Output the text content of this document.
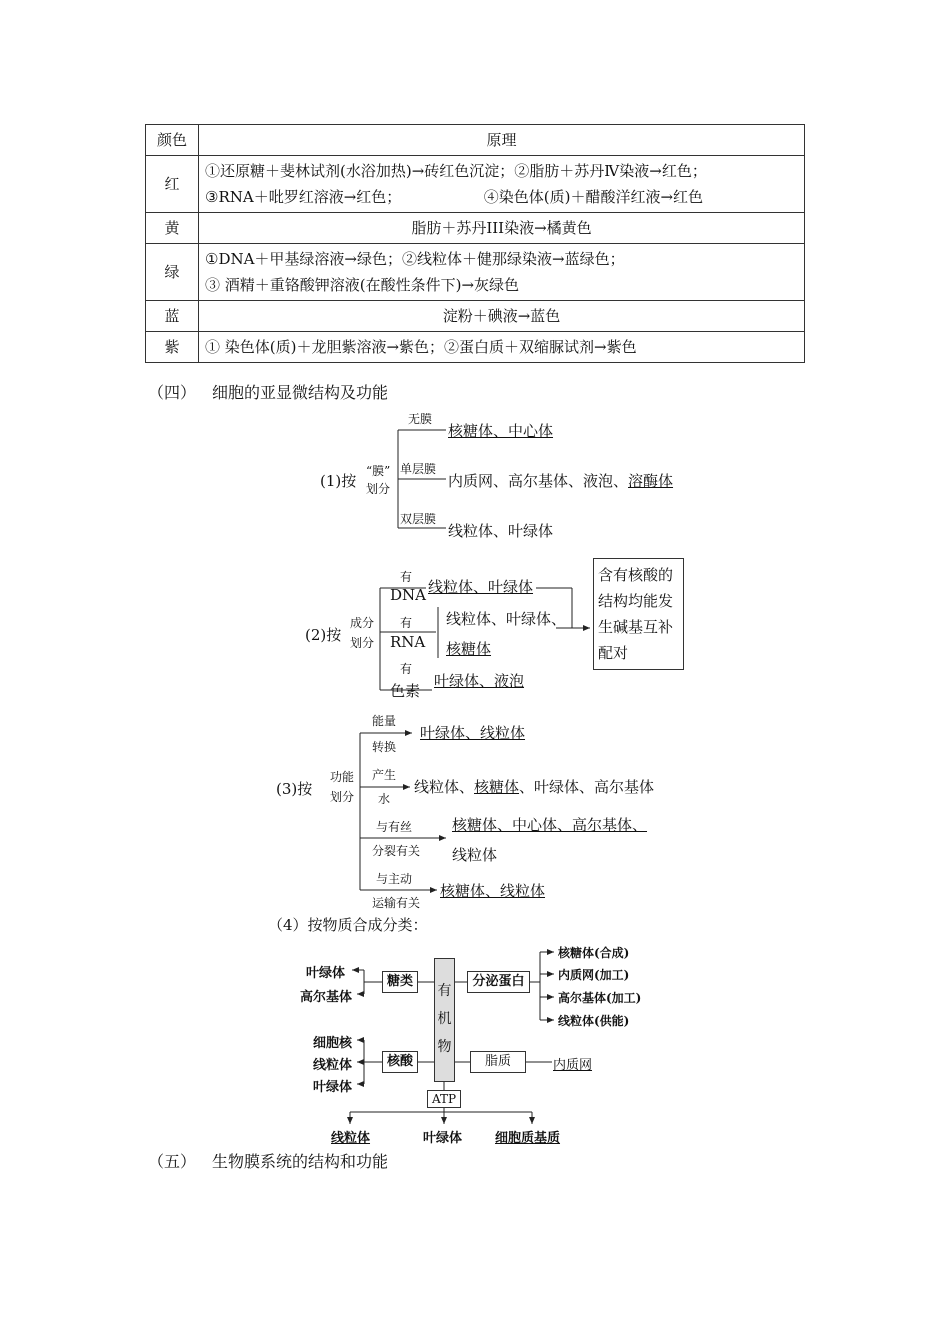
颜色	原理
红	①还原糖＋斐林试剂(水浴加热)→砖红色沉淀；②脂肪＋苏丹Ⅳ染液→红色；
③RNA＋吡罗红溶液→红色；　　　　　　④染色体(质)＋醋酸洋红液→红色

黄	脂肪＋苏丹III染液→橘黄色
绿	①DNA＋甲基绿溶液→绿色；②线粒体＋健那绿染液→蓝绿色；
③ 酒精＋重铬酸钾溶液(在酸性条件下)→灰绿色

蓝	淀粉＋碘液→蓝色
紫	① 染色体(质)＋龙胆紫溶液→紫色；②蛋白质＋双缩脲试剂→紫色
（四） 细胞的亚显微结构及功能
(1)按
“膜”
划分
无膜
核糖体、中心体
单层膜
内质网、高尔基体、液泡、溶酶体
双层膜
线粒体、叶绿体
(2)按
成分
划分
有
DNA 线粒体、叶绿体
有
RNA
线粒体、叶绿体、
核糖体
有
色素
叶绿体、液泡
含有核酸的
结构均能发
生碱基互补
配对
(3)按
功能
划分
能量
转换
叶绿体、线粒体
产生
水
线粒体、核糖体、叶绿体、高尔基体
与有丝
分裂有关
核糖体、中心体、高尔基体、
线粒体
与主动
运输有关
核糖体、线粒体
（4）按物质合成分类：
有
机
物
糖类
叶绿体
高尔基体
核酸
细胞核
线粒体
叶绿体
分泌蛋白
核糖体(合成)
内质网(加工)
高尔基体(加工)
线粒体(供能)
脂质	内质网
ATP
线粒体	叶绿体	细胞质基质
（五） 生物膜系统的结构和功能
